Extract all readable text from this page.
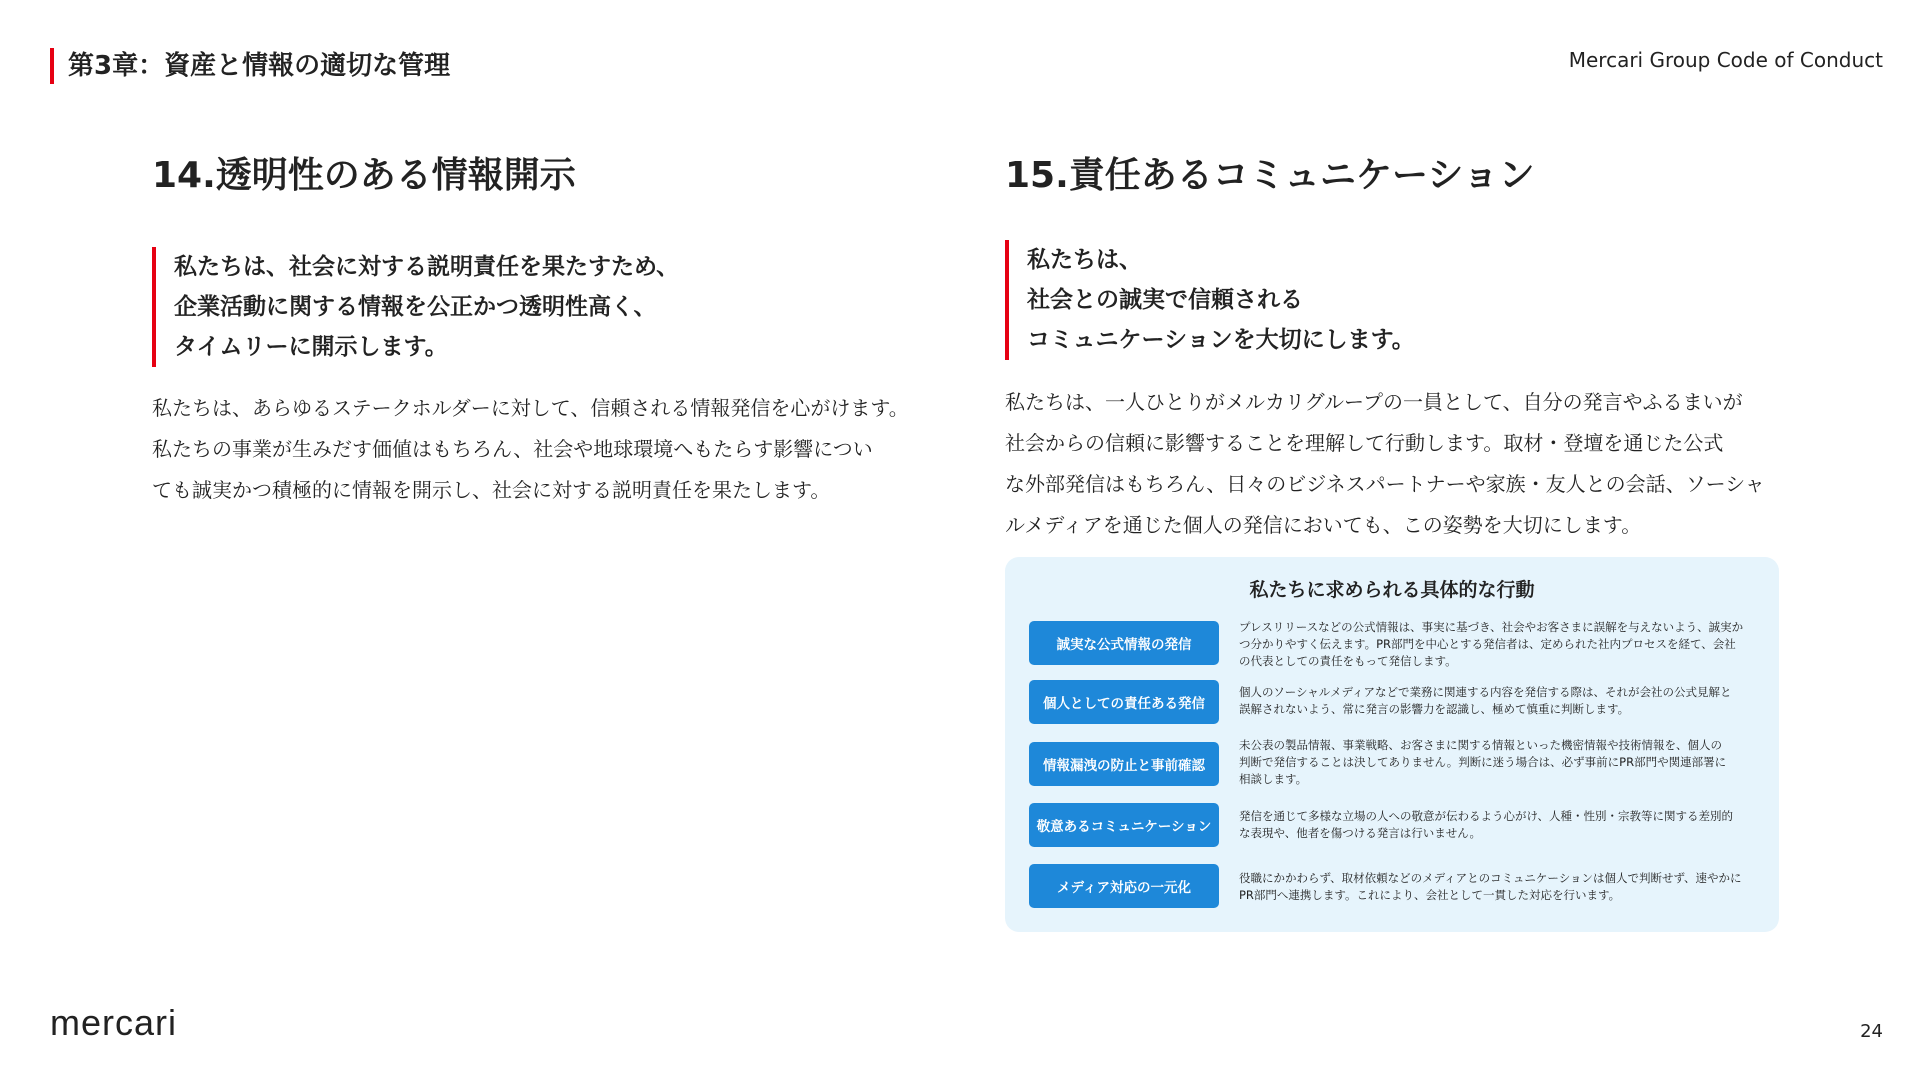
第3章：資産と情報の適切な管理	Mercari Group Code of Conduct
14.透明性のある情報開示
私たちは、社会に対する説明責任を果たすため、
企業活動に関する情報を公正かつ透明性高く、
タイムリーに開示します。
私たちは、あらゆるステークホルダーに対して、信頼される情報発信を心がけます。
私たちの事業が生みだす価値はもちろん、社会や地球環境へもたらす影響につい
ても誠実かつ積極的に情報を開示し、社会に対する説明責任を果たします。
15.責任あるコミュニケーション
私たちは、
社会との誠実で信頼される
コミュニケーションを大切にします。
私たちは、一人ひとりがメルカリグループの一員として、自分の発言やふるまいが
社会からの信頼に影響することを理解して行動します。取材・登壇を通じた公式
な外部発信はもちろん、日々のビジネスパートナーや家族・友人との会話、ソーシャ
ルメディアを通じた個人の発信においても、この姿勢を大切にします。
私たちに求められる具体的な行動
誠実な公式情報の発信
プレスリリースなどの公式情報は、事実に基づき、社会やお客さまに誤解を与えないよう、誠実か
つ分かりやすく伝えます。PR部門を中心とする発信者は、定められた社内プロセスを経て、会社
の代表としての責任をもって発信します。
個人としての責任ある発信
個人のソーシャルメディアなどで業務に関連する内容を発信する際は、それが会社の公式見解と
誤解されないよう、常に発言の影響力を認識し、極めて慎重に判断します。
情報漏洩の防止と事前確認
未公表の製品情報、事業戦略、お客さまに関する情報といった機密情報や技術情報を、個人の
判断で発信することは決してありません。判断に迷う場合は、必ず事前にPR部門や関連部署に
相談します。
敬意あるコミュニケーション
発信を通じて多様な立場の人への敬意が伝わるよう心がけ、人種・性別・宗教等に関する差別的
な表現や、他者を傷つける発言は行いません。
メディア対応の一元化
役職にかかわらず、取材依頼などのメディアとのコミュニケーションは個人で判断せず、速やかに
PR部門へ連携します。これにより、会社として一貫した対応を行います。
mercari	24
